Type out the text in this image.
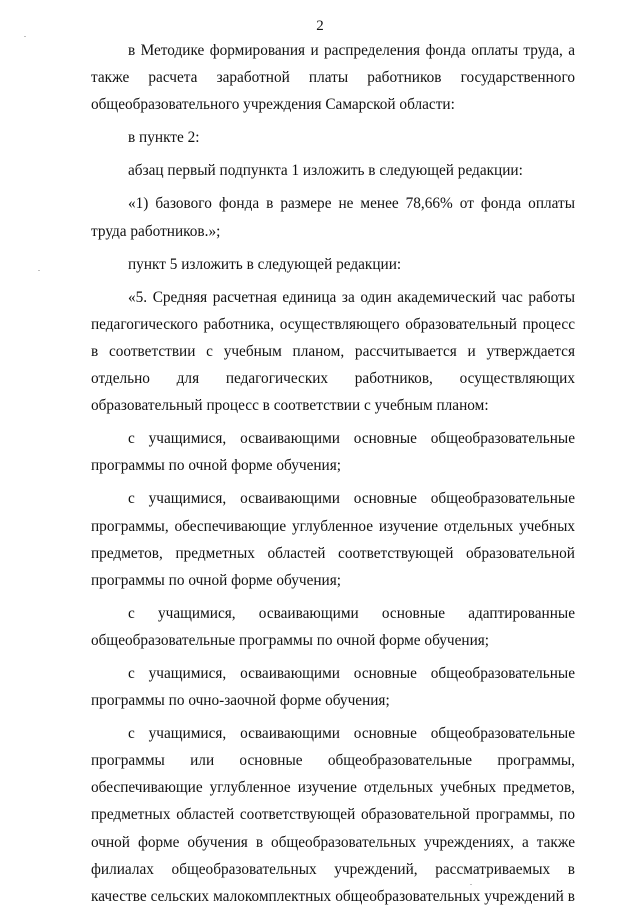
2

в Методике формирования и распределения фонда оплаты труда, а также расчета заработной платы работников государственного общеобразовательного учреждения Самарской области:

в пункте 2:

абзац первый подпункта 1 изложить в следующей редакции:

«1) базового фонда в размере не менее 78,66% от фонда оплаты труда работников.»;

пункт 5 изложить в следующей редакции:

«5. Средняя расчетная единица за один академический час работы педагогического работника, осуществляющего образовательный процесс в соответствии с учебным планом, рассчитывается и утверждается отдельно для педагогических работников, осуществляющих образовательный процесс в соответствии с учебным планом:

с учащимися, осваивающими основные общеобразовательные программы по очной форме обучения;

с учащимися, осваивающими основные общеобразовательные программы, обеспечивающие углубленное изучение отдельных учебных предметов, предметных областей соответствующей образовательной программы по очной форме обучения;

с учащимися, осваивающими основные адаптированные общеобразовательные программы по очной форме обучения;

с учащимися, осваивающими основные общеобразовательные программы по очно-заочной форме обучения;

с учащимися, осваивающими основные общеобразовательные программы или основные общеобразовательные программы, обеспечивающие углубленное изучение отдельных учебных предметов, предметных областей соответствующей образовательной программы, по очной форме обучения в общеобразовательных учреждениях, а также филиалах общеобразовательных учреждений, рассматриваемых в качестве сельских малокомплектных общеобразовательных учреждений в
